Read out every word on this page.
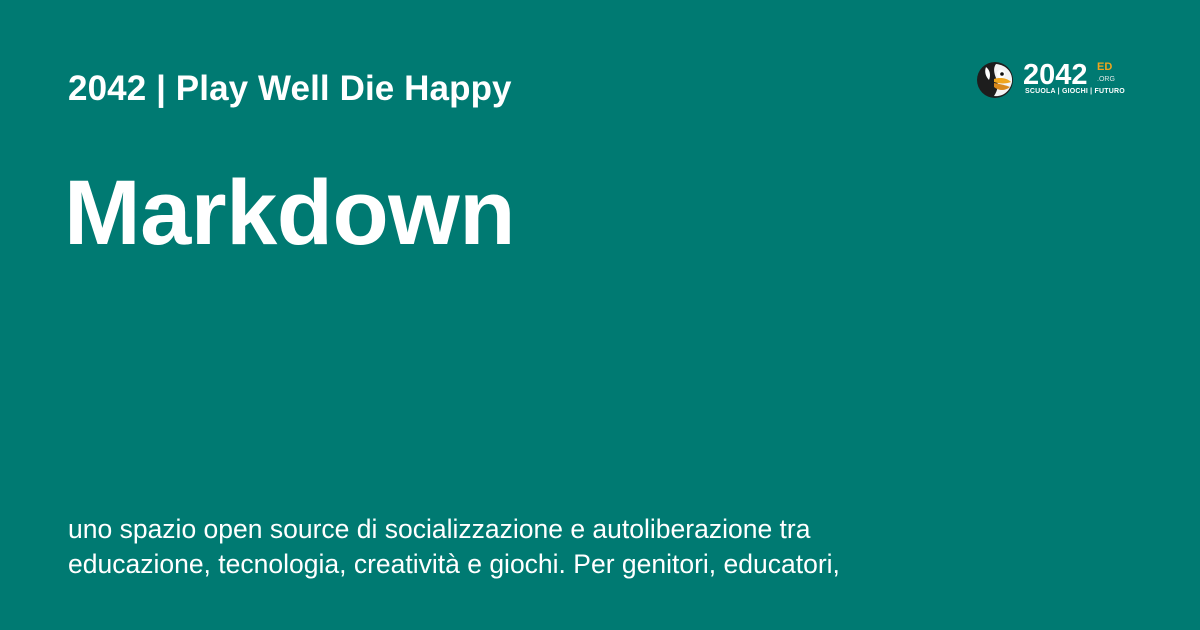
2042 | Play Well Die Happy
Markdown
uno spazio open source di socializzazione e autoliberazione tra educazione, tecnologia, creatività e giochi. Per genitori, educatori,
2042 ED
.ORG
SCUOLA | GIOCHI | FUTURO
